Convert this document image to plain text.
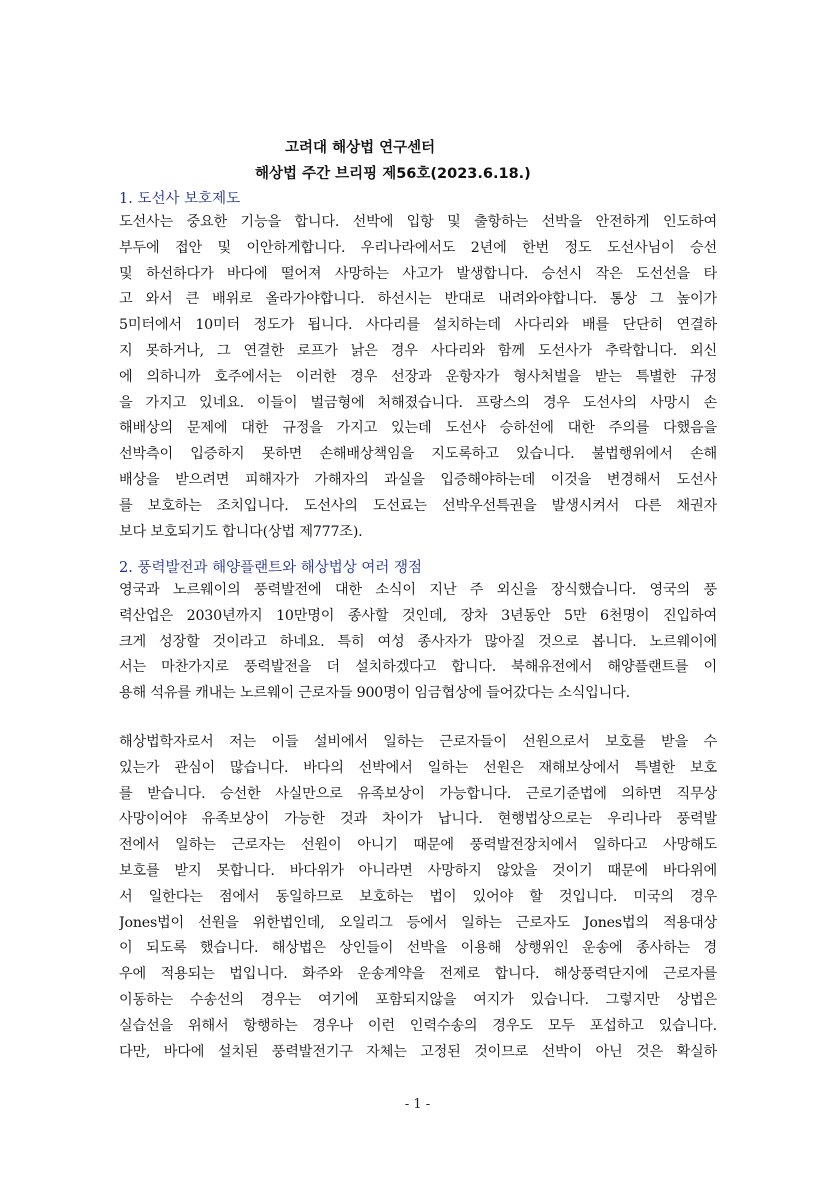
고려대 해상법 연구센터
해상법 주간 브리핑 제56호(2023.6.18.)
1. 도선사 보호제도
도선사는 중요한 기능을 합니다. 선박에 입항 및 출항하는 선박을 안전하게 인도하여
부두에 접안 및 이안하게합니다. 우리나라에서도 2년에 한번 정도 도선사님이 승선
및 하선하다가 바다에 떨어져 사망하는 사고가 발생합니다. 승선시 작은 도선선을 타
고 와서 큰 배위로 올라가야합니다. 하선시는 반대로 내려와야합니다. 통상 그 높이가
5미터에서 10미터 정도가 됩니다. 사다리를 설치하는데 사다리와 배를 단단히 연결하
지 못하거나, 그 연결한 로프가 낡은 경우 사다리와 함께 도선사가 추락합니다. 외신
에 의하니까 호주에서는 이러한 경우 선장과 운항자가 형사처벌을 받는 특별한 규정
을 가지고 있네요. 이들이 벌금형에 처해졌습니다. 프랑스의 경우 도선사의 사망시 손
해배상의 문제에 대한 규정을 가지고 있는데 도선사 승하선에 대한 주의를 다했음을
선박측이 입증하지 못하면 손해배상책임을 지도록하고 있습니다. 불법행위에서 손해
배상을 받으려면 피해자가 가해자의 과실을 입증해야하는데 이것을 변경해서 도선사
를 보호하는 조치입니다. 도선사의 도선료는 선박우선특권을 발생시켜서 다른 채권자
보다 보호되기도 합니다(상법 제777조).
2. 풍력발전과 해양플랜트와 해상법상 여러 쟁점
영국과 노르웨이의 풍력발전에 대한 소식이 지난 주 외신을 장식했습니다. 영국의 풍
력산업은 2030년까지 10만명이 종사할 것인데, 장차 3년동안 5만 6천명이 진입하여
크게 성장할 것이라고 하네요. 특히 여성 종사자가 많아질 것으로 봅니다. 노르웨이에
서는 마찬가지로 풍력발전을 더 설치하겠다고 합니다. 북해유전에서 해양플랜트를 이
용해 석유를 캐내는 노르웨이 근로자들 900명이 임금협상에 들어갔다는 소식입니다.
해상법학자로서 저는 이들 설비에서 일하는 근로자들이 선원으로서 보호를 받을 수
있는가 관심이 많습니다. 바다의 선박에서 일하는 선원은 재해보상에서 특별한 보호
를 받습니다. 승선한 사실만으로 유족보상이 가능합니다. 근로기준법에 의하면 직무상
사망이어야 유족보상이 가능한 것과 차이가 납니다. 현행법상으로는 우리나라 풍력발
전에서 일하는 근로자는 선원이 아니기 때문에 풍력발전장치에서 일하다고 사망해도
보호를 받지 못합니다. 바다위가 아니라면 사망하지 않았을 것이기 때문에 바다위에
서 일한다는 점에서 동일하므로 보호하는 법이 있어야 할 것입니다. 미국의 경우
Jones법이 선원을 위한법인데, 오일리그 등에서 일하는 근로자도 Jones법의 적용대상
이 되도록 했습니다. 해상법은 상인들이 선박을 이용해 상행위인 운송에 종사하는 경
우에 적용되는 법입니다. 화주와 운송계약을 전제로 합니다. 해상풍력단지에 근로자를
이동하는 수송선의 경우는 여기에 포함되지않을 여지가 있습니다. 그렇지만 상법은
실습선을 위해서 항행하는 경우나 이런 인력수송의 경우도 모두 포섭하고 있습니다.
다만, 바다에 설치된 풍력발전기구 자체는 고정된 것이므로 선박이 아닌 것은 확실하
- 1 -
